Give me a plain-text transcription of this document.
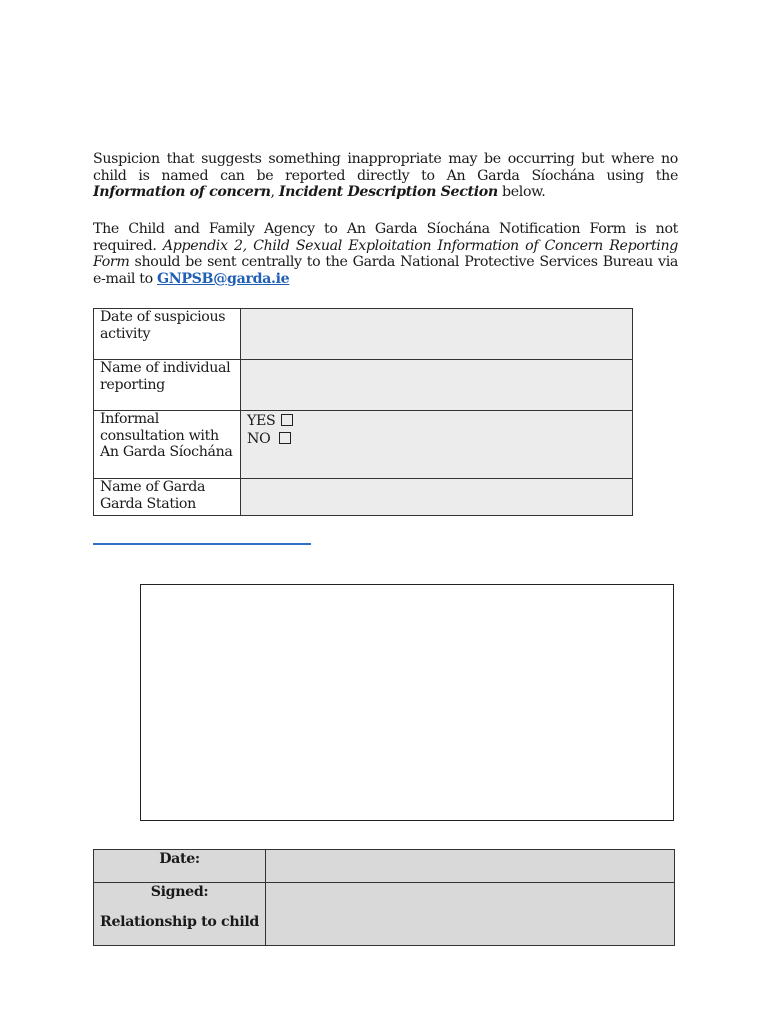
Suspicion that suggests something inappropriate may be occurring but where no child is named can be reported directly to An Garda Síochána using the Information of concern, Incident Description Section below.
The Child and Family Agency to An Garda Síochána Notification Form is not required. Appendix 2, Child Sexual Exploitation Information of Concern Reporting Form should be sent centrally to the Garda National Protective Services Bureau via e-mail to GNPSB@garda.ie
Date of suspicious activity	
Name of individual reporting	
Informal consultation with An Garda Síochána	YES
NO

Name of Garda Garda Station	
Date:	

Signed:
Relationship to child	
